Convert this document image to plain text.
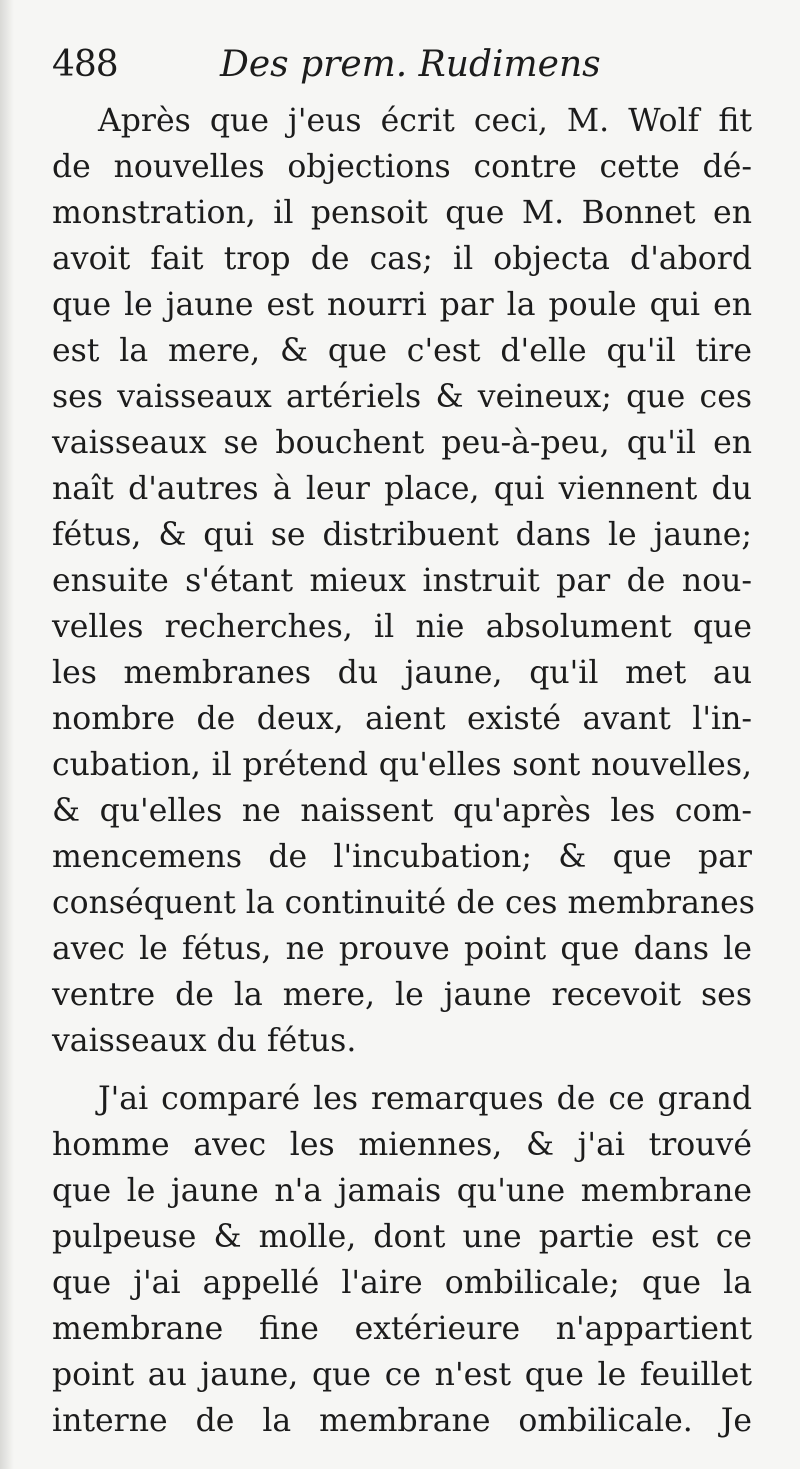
488	Des prem. Rudimens
Après que j'eus écrit ceci, M. Wolf fit
de nouvelles objections contre cette dé-
monstration, il pensoit que M. Bonnet en
avoit fait trop de cas; il objecta d'abord
que le jaune est nourri par la poule qui en
est la mere, & que c'est d'elle qu'il tire
ses vaisseaux artériels & veineux; que ces
vaisseaux se bouchent peu-à-peu, qu'il en
naît d'autres à leur place, qui viennent du
fétus, & qui se distribuent dans le jaune;
ensuite s'étant mieux instruit par de nou-
velles recherches, il nie absolument que
les membranes du jaune, qu'il met au
nombre de deux, aient existé avant l'in-
cubation, il prétend qu'elles sont nouvelles,
& qu'elles ne naissent qu'après les com-
mencemens de l'incubation; & que par
conséquent la continuité de ces membranes
avec le fétus, ne prouve point que dans le
ventre de la mere, le jaune recevoit ses
vaisseaux du fétus.
J'ai comparé les remarques de ce grand
homme avec les miennes, & j'ai trouvé
que le jaune n'a jamais qu'une membrane
pulpeuse & molle, dont une partie est ce
que j'ai appellé l'aire ombilicale; que la
membrane fine extérieure n'appartient
point au jaune, que ce n'est que le feuillet
interne de la membrane ombilicale. Je
